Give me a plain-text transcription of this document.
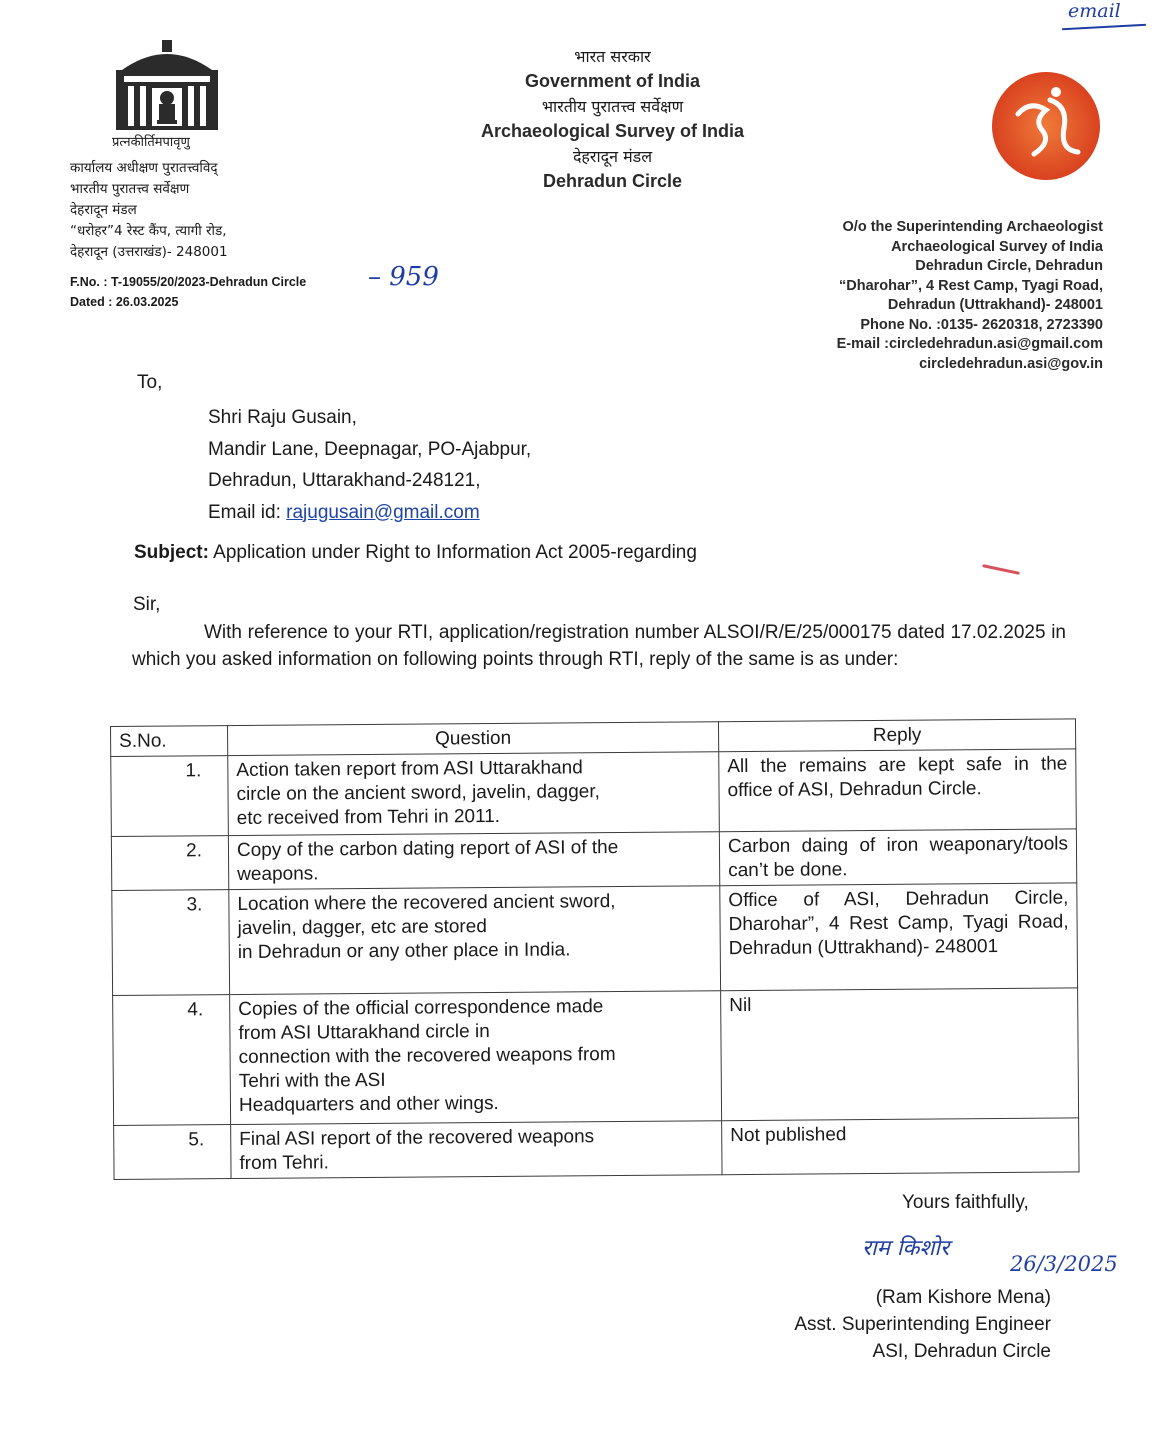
email
प्रत्नकीर्तिमपावृणु
कार्यालय अधीक्षण पुरातत्त्वविद्
भारतीय पुरातत्त्व सर्वेक्षण
देहरादून मंडल
“धरोहर”4 रेस्ट कैंप, त्यागी रोड,
देहरादून (उत्तराखंड)- 248001
F.No. : T-19055/20/2023-Dehradun Circle
Dated : 26.03.2025
– 959
भारत सरकार
Government of India
भारतीय पुरातत्त्व सर्वेक्षण
Archaeological Survey of India
देहरादून मंडल
Dehradun Circle
O/o the Superintending Archaeologist
Archaeological Survey of India
Dehradun Circle, Dehradun
“Dharohar”, 4 Rest Camp, Tyagi Road,
Dehradun (Uttrakhand)- 248001
Phone No. :0135- 2620318, 2723390
E-mail :circledehradun.asi@gmail.com
circledehradun.asi@gov.in
To,
Shri Raju Gusain,
Mandir Lane, Deepnagar, PO-Ajabpur,
Dehradun, Uttarakhand-248121,
Email id: rajugusain@gmail.com
Subject: Application under Right to Information Act 2005-regarding
Sir,
With reference to your RTI, application/registration number ALSOI/R/E/25/000175 dated 17.02.2025 in which you asked information on following points through RTI, reply of the same is as under:
S.No.	Question	Reply
1.	Action taken report from ASI Uttarakhand
circle on the ancient sword, javelin, dagger,
etc received from Tehri in 2011.	All the remains are kept safe in the office of ASI, Dehradun Circle.
2.	Copy of the carbon dating report of ASI of the
weapons.	Carbon daing of iron weaponary/tools can’t be done.
3.	Location where the recovered ancient sword,
javelin, dagger, etc are stored
in Dehradun or any other place in India.	Office of ASI, Dehradun Circle, Dharohar”, 4 Rest Camp, Tyagi Road, Dehradun (Uttrakhand)- 248001
4.	Copies of the official correspondence made
from ASI Uttarakhand circle in
connection with the recovered weapons from
Tehri with the ASI
Headquarters and other wings.	Nil
5.	Final ASI report of the recovered weapons
from Tehri.	Not published
Yours faithfully,
राम किशोर
26/3/2025
(Ram Kishore Mena)
Asst. Superintending Engineer
ASI, Dehradun Circle
